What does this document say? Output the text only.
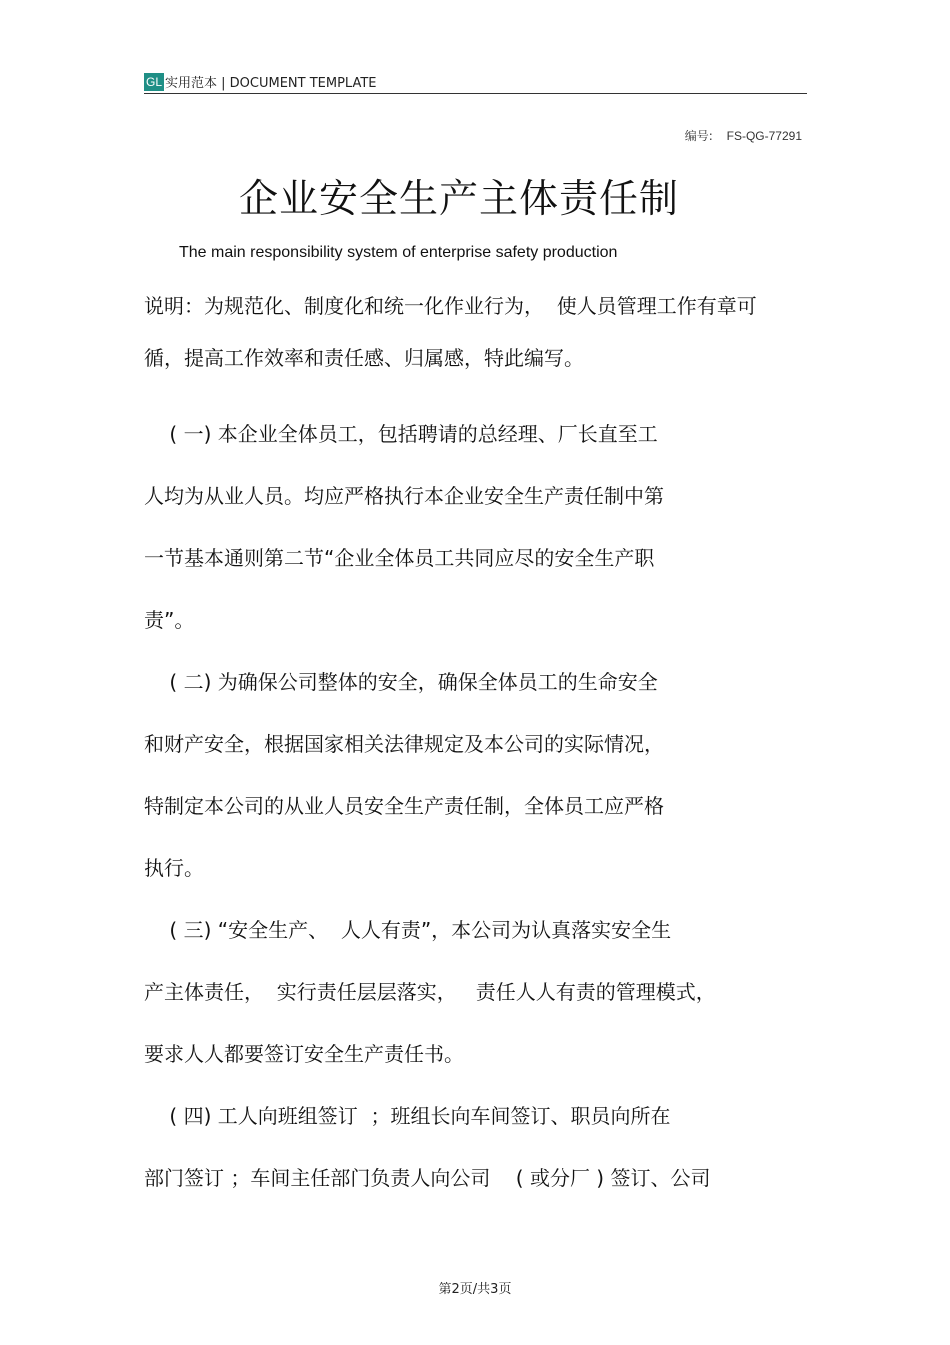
GL 实用范本 | DOCUMENT TEMPLATE
编号: FS-QG-77291
企业安全生产主体责任制
The main responsibility system of enterprise safety production
说明：为规范化、制度化和统一化作业行为，  使人员管理工作有章可
循，提高工作效率和责任感、归属感，特此编写。
( 一) 本企业全体员工，包括聘请的总经理、厂长直至工
人均为从业人员。均应严格执行本企业安全生产责任制中第
一节基本通则第二节“企业全体员工共同应尽的安全生产职
责”。
( 二) 为确保公司整体的安全，确保全体员工的生命安全
和财产安全，根据国家相关法律规定及本公司的实际情况，
特制定本公司的从业人员安全生产责任制，全体员工应严格
执行。
( 三) “安全生产、  人人有责”，本公司为认真落实安全生
产主体责任，  实行责任层层落实，   责任人人有责的管理模式，
要求人人都要签订安全生产责任书。
( 四) 工人向班组签订  ；班组长向车间签订、职员向所在
部门签订 ；车间主任部门负责人向公司    ( 或分厂 ) 签订、公司
第2页/共3页
